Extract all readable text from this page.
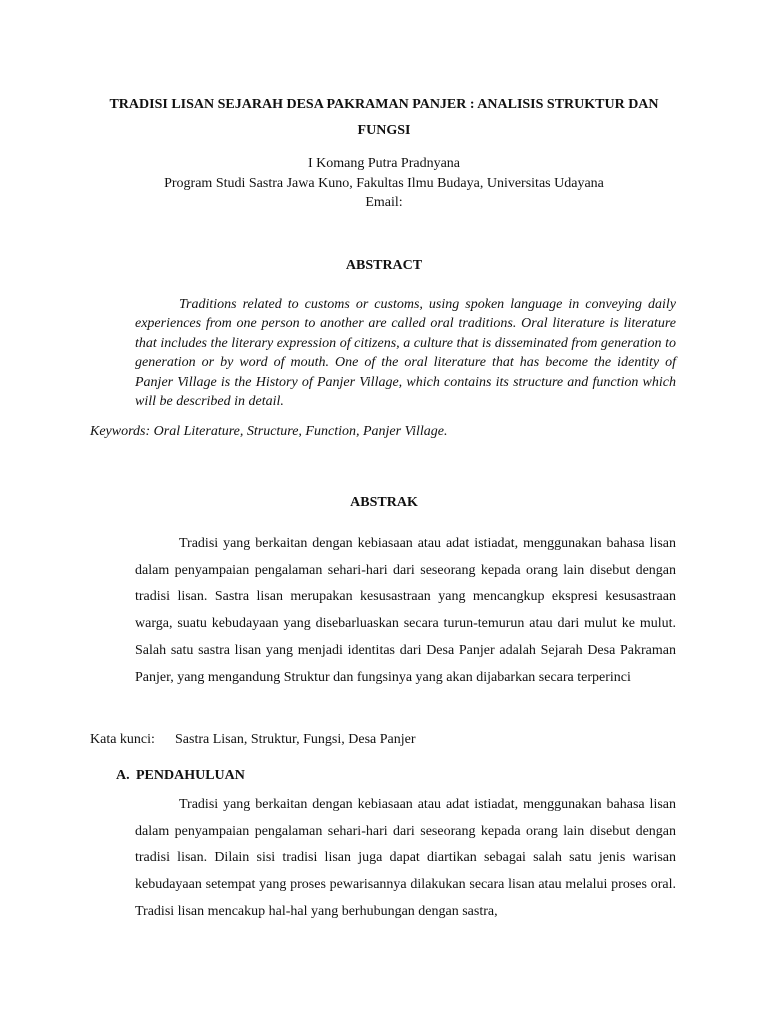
TRADISI LISAN SEJARAH DESA PAKRAMAN PANJER : ANALISIS STRUKTUR DAN FUNGSI
I Komang Putra Pradnyana
Program Studi Sastra Jawa Kuno, Fakultas Ilmu Budaya, Universitas Udayana
Email:
ABSTRACT
Traditions related to customs or customs, using spoken language in conveying daily experiences from one person to another are called oral traditions. Oral literature is literature that includes the literary expression of citizens, a culture that is disseminated from generation to generation or by word of mouth. One of the oral literature that has become the identity of Panjer Village is the History of Panjer Village, which contains its structure and function which will be described in detail.
Keywords: Oral Literature, Structure, Function, Panjer Village.
ABSTRAK
Tradisi yang berkaitan dengan kebiasaan atau adat istiadat, menggunakan bahasa lisan dalam penyampaian pengalaman sehari-hari dari seseorang kepada orang lain disebut dengan tradisi lisan. Sastra lisan merupakan kesusastraan yang mencangkup ekspresi kesusastraan warga, suatu kebudayaan yang disebarluaskan secara turun-temurun atau dari mulut ke mulut. Salah satu sastra lisan yang menjadi identitas dari Desa Panjer adalah Sejarah Desa Pakraman Panjer, yang mengandung Struktur dan fungsinya yang akan dijabarkan secara terperinci
Kata kunci: Sastra Lisan, Struktur, Fungsi, Desa Panjer
A. PENDAHULUAN
Tradisi yang berkaitan dengan kebiasaan atau adat istiadat, menggunakan bahasa lisan dalam penyampaian pengalaman sehari-hari dari seseorang kepada orang lain disebut dengan tradisi lisan. Dilain sisi tradisi lisan juga dapat diartikan sebagai salah satu jenis warisan kebudayaan setempat yang proses pewarisannya dilakukan secara lisan atau melalui proses oral. Tradisi lisan mencakup hal-hal yang berhubungan dengan sastra,
